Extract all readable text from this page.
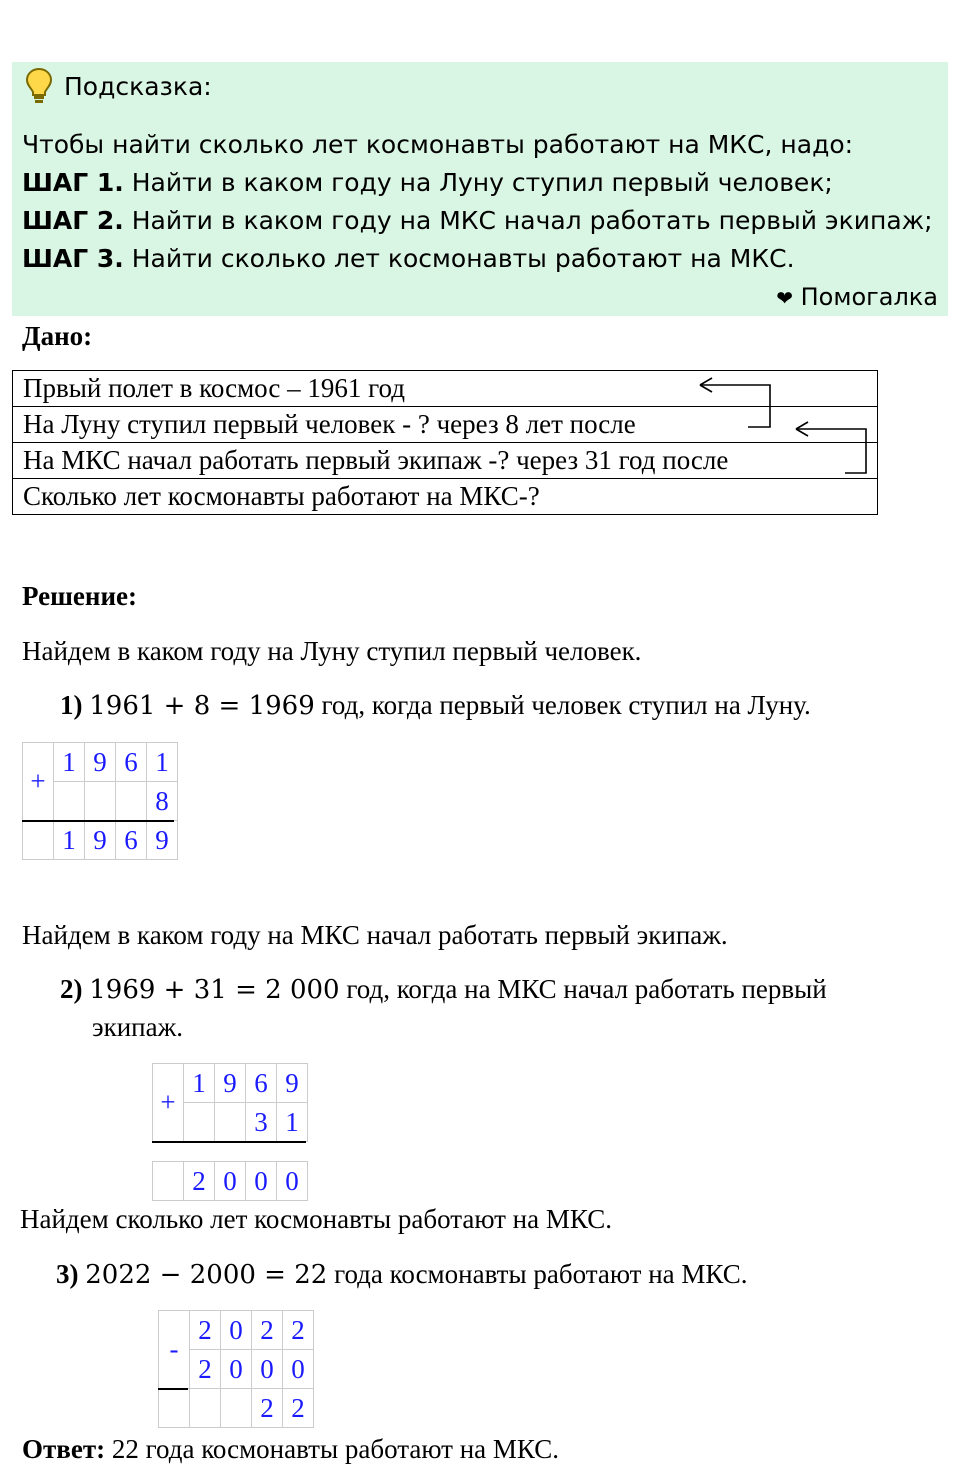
Подсказка:
Чтобы найти сколько лет космонавты работают на МКС, надо:
ШАГ 1. Найти в каком году на Луну ступил первый человек;
ШАГ 2. Найти в каком году на МКС начал работать первый экипаж;
ШАГ 3. Найти сколько лет космонавты работают на МКС.
❤ Помогалка
Дано:
Првый полет в космос – 1961 год
На Луну ступил первый человек - ? через 8 лет после
На МКС начал работать первый экипаж -? через 31 год после
Сколько лет космонавты работают на МКС-?
Решение:
Найдем в каком году на Луну ступил первый человек.
1) 1961 + 8 = 1969 год, когда первый человек ступил на Луну.
+	1	9	6	1
				8
	1	9	6	9
Найдем в каком году на МКС начал работать первый экипаж.
2) 1969 + 31 = 2 000 год, когда на МКС начал работать первый
экипаж.
+	1	9	6	9
			3	1
	2	0	0	0
Найдем сколько лет космонавты работают на МКС.
3) 2022 − 2000 = 22 года космонавты работают на МКС.
-	2	0	2	2
	2	0	0	0
			2	2
Ответ: 22 года космонавты работают на МКС.
